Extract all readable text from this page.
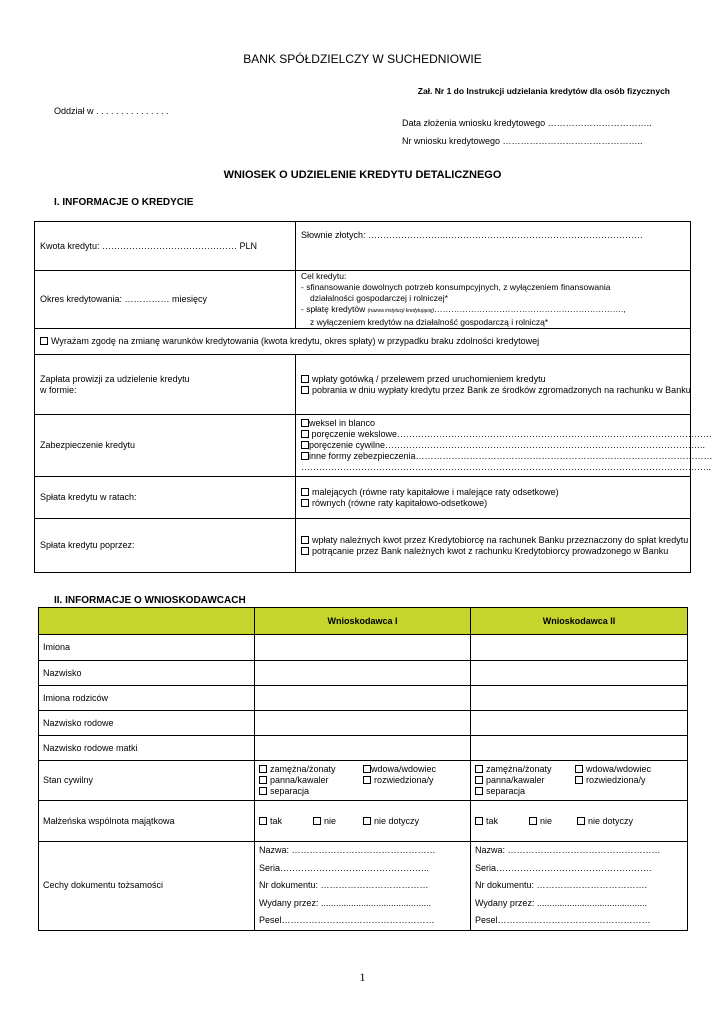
BANK SPÓŁDZIELCZY W SUCHEDNIOWIE
Zał. Nr 1 do Instrukcji udzielania kredytów dla osób fizycznych
Oddział w . . . . . . . . . . . . . . .
Data złożenia wniosku kredytowego ……………………………..
Nr wniosku kredytowego ………………………………………..
WNIOSEK O UDZIELENIE KREDYTU DETALICZNEGO
I. INFORMACJE O KREDYCIE
Kwota kredytu: ……………………………………… PLN	Słownie złotych: ……………………..…………………………………………………………
Okres kredytowania: …………… miesięcy	Cel kredytu:
- sfinansowanie dowolnych potrzeb konsumpcyjnych, z wyłączeniem finansowania
działalności gospodarczej i rolniczej*
- spłatę kredytów (nazwa instytucji kredytującej)………………………………………………………….,
z wyłączeniem kredytów na działalność gospodarczą i rolniczą*

Wyrażam zgodę na zmianę warunków kredytowania (kwota kredytu, okres spłaty) w przypadku braku zdolności kredytowej	

Zapłata prowizji za udzielenie kredytu w formie:	wpłaty gotówką / przelewem przed uruchomieniem kredytu
pobrania w dniu wypłaty kredytu przez Bank ze środków zgromadzonych na rachunku w Banku

Zabezpieczenie kredytu	weksel in blanco
poręczenie wekslowe……………………………………………………………………………………………
poręczenie cywilne……………………………………………………………………………………………..
inne formy zebezpieczenia………………………………………………………………………………………
………………………………………………………………………………………………………………………..

Spłata kredytu w ratach:	malejących (równe raty kapitałowe i malejące raty odsetkowe)
równych (równe raty kapitałowo-odsetkowe)

Spłata kredytu poprzez:	wpłaty należnych kwot przez Kredytobiorcę na rachunek Banku przeznaczony do spłat kredytu
potrącanie przez Bank należnych kwot z rachunku Kredytobiorcy prowadzonego w Banku
II. INFORMACJE O WNIOSKODAWCACH
	Wnioskodawca I	Wnioskodawca II
Imiona		
Nazwisko		
Imiona rodziców		
Nazwisko rodowe		
Nazwisko rodowe matki		
Stan cywilny	zamężna/żonaty wdowa/wdowiec
panna/kawaler rozwiedziona/y
separacja	zamężna/żonaty wdowa/wdowiec
panna/kawaler rozwiedziona/y
separacja

Małżeńska wspólnota majątkowa	tak nie nie dotyczy	tak nie nie dotyczy

Cechy dokumentu tożsamości	Nazwa: …………………………………………
Seria…………………………………………..
Nr dokumentu: ………………………………
Wydany przez: ............................................
Pesel……………………………………………	Nazwa: ……………………………………………
Seria…………………………………………….
Nr dokumentu: ……………………………….
Wydany przez: ............................................
Pesel……………………………………………
1
